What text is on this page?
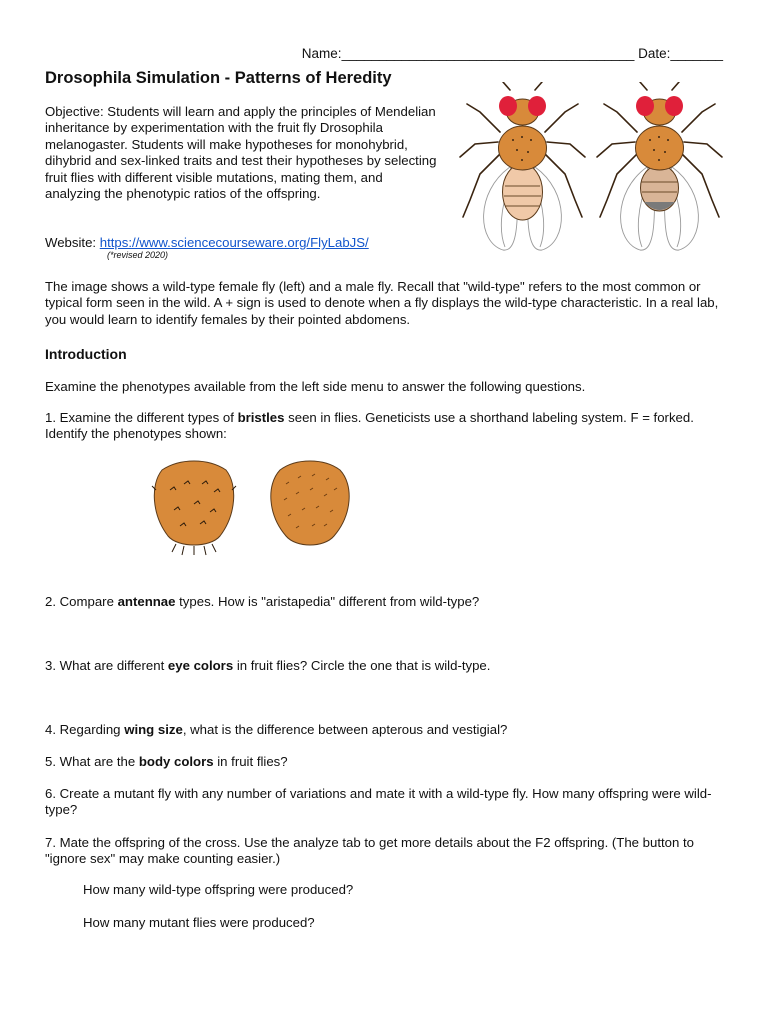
Name:_______________________________________ Date:_______
Drosophila Simulation - Patterns of Heredity
Objective: Students will learn and apply the principles of Mendelian inheritance by experimentation with the fruit fly Drosophila melanogaster. Students will make hypotheses for monohybrid, dihybrid and sex-linked traits and test their hypotheses by selecting fruit flies with different visible mutations, mating them, and analyzing the phenotypic ratios of the offspring.
Website: https://www.sciencecourseware.org/FlyLabJS/
(*revised 2020)
The image shows a wild-type female fly (left) and a male fly. Recall that "wild-type" refers to the most common or typical form seen in the wild. A + sign is used to denote when a fly displays the wild-type characteristic. In a real lab, you would learn to identify females by their pointed abdomens.
Introduction
Examine the phenotypes available from the left side menu to answer the following questions.
1. Examine the different types of bristles seen in flies. Geneticists use a shorthand labeling system. F = forked. Identify the phenotypes shown:
2. Compare antennae types. How is "aristapedia" different from wild-type?
3. What are different eye colors in fruit flies? Circle the one that is wild-type.
4. Regarding wing size, what is the difference between apterous and vestigial?
5. What are the body colors in fruit flies?
6. Create a mutant fly with any number of variations and mate it with a wild-type fly. How many offspring were wild-type?
7. Mate the offspring of the cross. Use the analyze tab to get more details about the F2 offspring. (The button to "ignore sex" may make counting easier.)
How many wild-type offspring were produced?
How many mutant flies were produced?
